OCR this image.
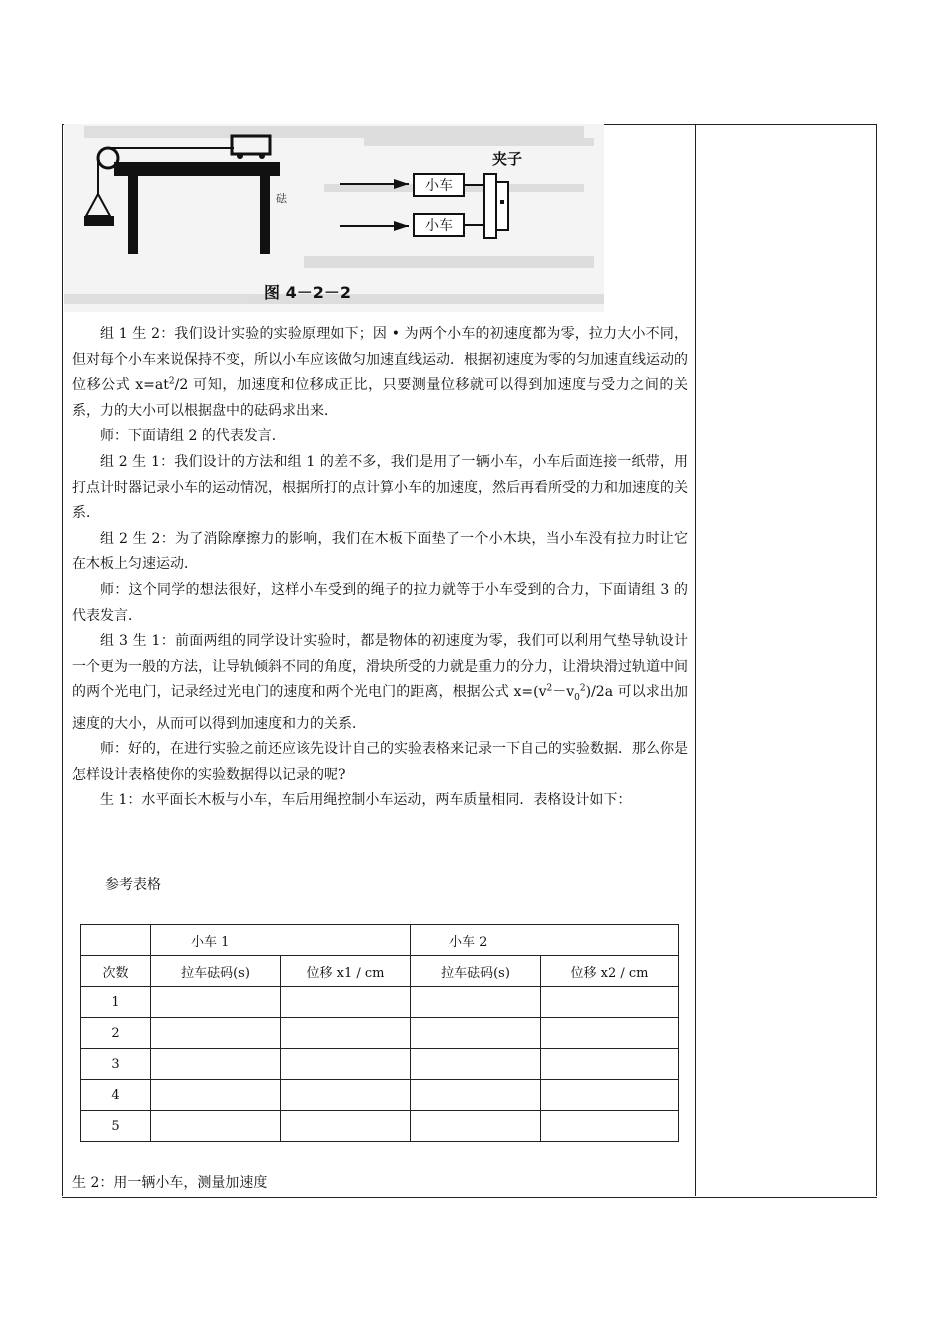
砝
小车
小车
夹子
图 4－2－2

组 1 生 2：我们设计实验的实验原理如下；因 • 为两个小车的初速度都为零，拉力大小不同，但对每个小车来说保持不变，所以小车应该做匀加速直线运动．根据初速度为零的匀加速直线运动的位移公式 $x=at^2/2$ 可知，加速度和位移成正比，只要测量位移就可以得到加速度与受力之间的关系，力的大小可以根据盘中的砝码求出来．

师：下面请组 2 的代表发言．

组 2 生 1：我们设计的方法和组 1 的差不多，我们是用了一辆小车，小车后面连接一纸带，用打点计时器记录小车的运动情况，根据所打的点计算小车的加速度，然后再看所受的力和加速度的关系．

组 2 生 2：为了消除摩擦力的影响，我们在木板下面垫了一个小木块，当小车没有拉力时让它在木板上匀速运动．

师：这个同学的想法很好，这样小车受到的绳子的拉力就等于小车受到的合力，下面请组 3 的代表发言．

组 3 生 1：前面两组的同学设计实验时，都是物体的初速度为零，我们可以利用气垫导轨设计一个更为一般的方法，让导轨倾斜不同的角度，滑块所受的力就是重力的分力，让滑块滑过轨道中间的两个光电门，记录经过光电门的速度和两个光电门的距离，根据公式 $x=(v^2-v_0^2)/2a$ 可以求出加速度的大小，从而可以得到加速度和力的关系．

师：好的，在进行实验之前还应该先设计自己的实验表格来记录一下自己的实验数据．那么你是怎样设计表格使你的实验数据得以记录的呢?

生 1：水平面长木板与小车，车后用绳控制小车运动，两车质量相同．表格设计如下：

参考表格
	小车 1		小车 2	
次数	拉车砝码(s)	位移 x1 / cm	拉车砝码(s)	位移 x2 / cm
1				
2				
3				
4				
5				
生 2：用一辆小车，测量加速度
